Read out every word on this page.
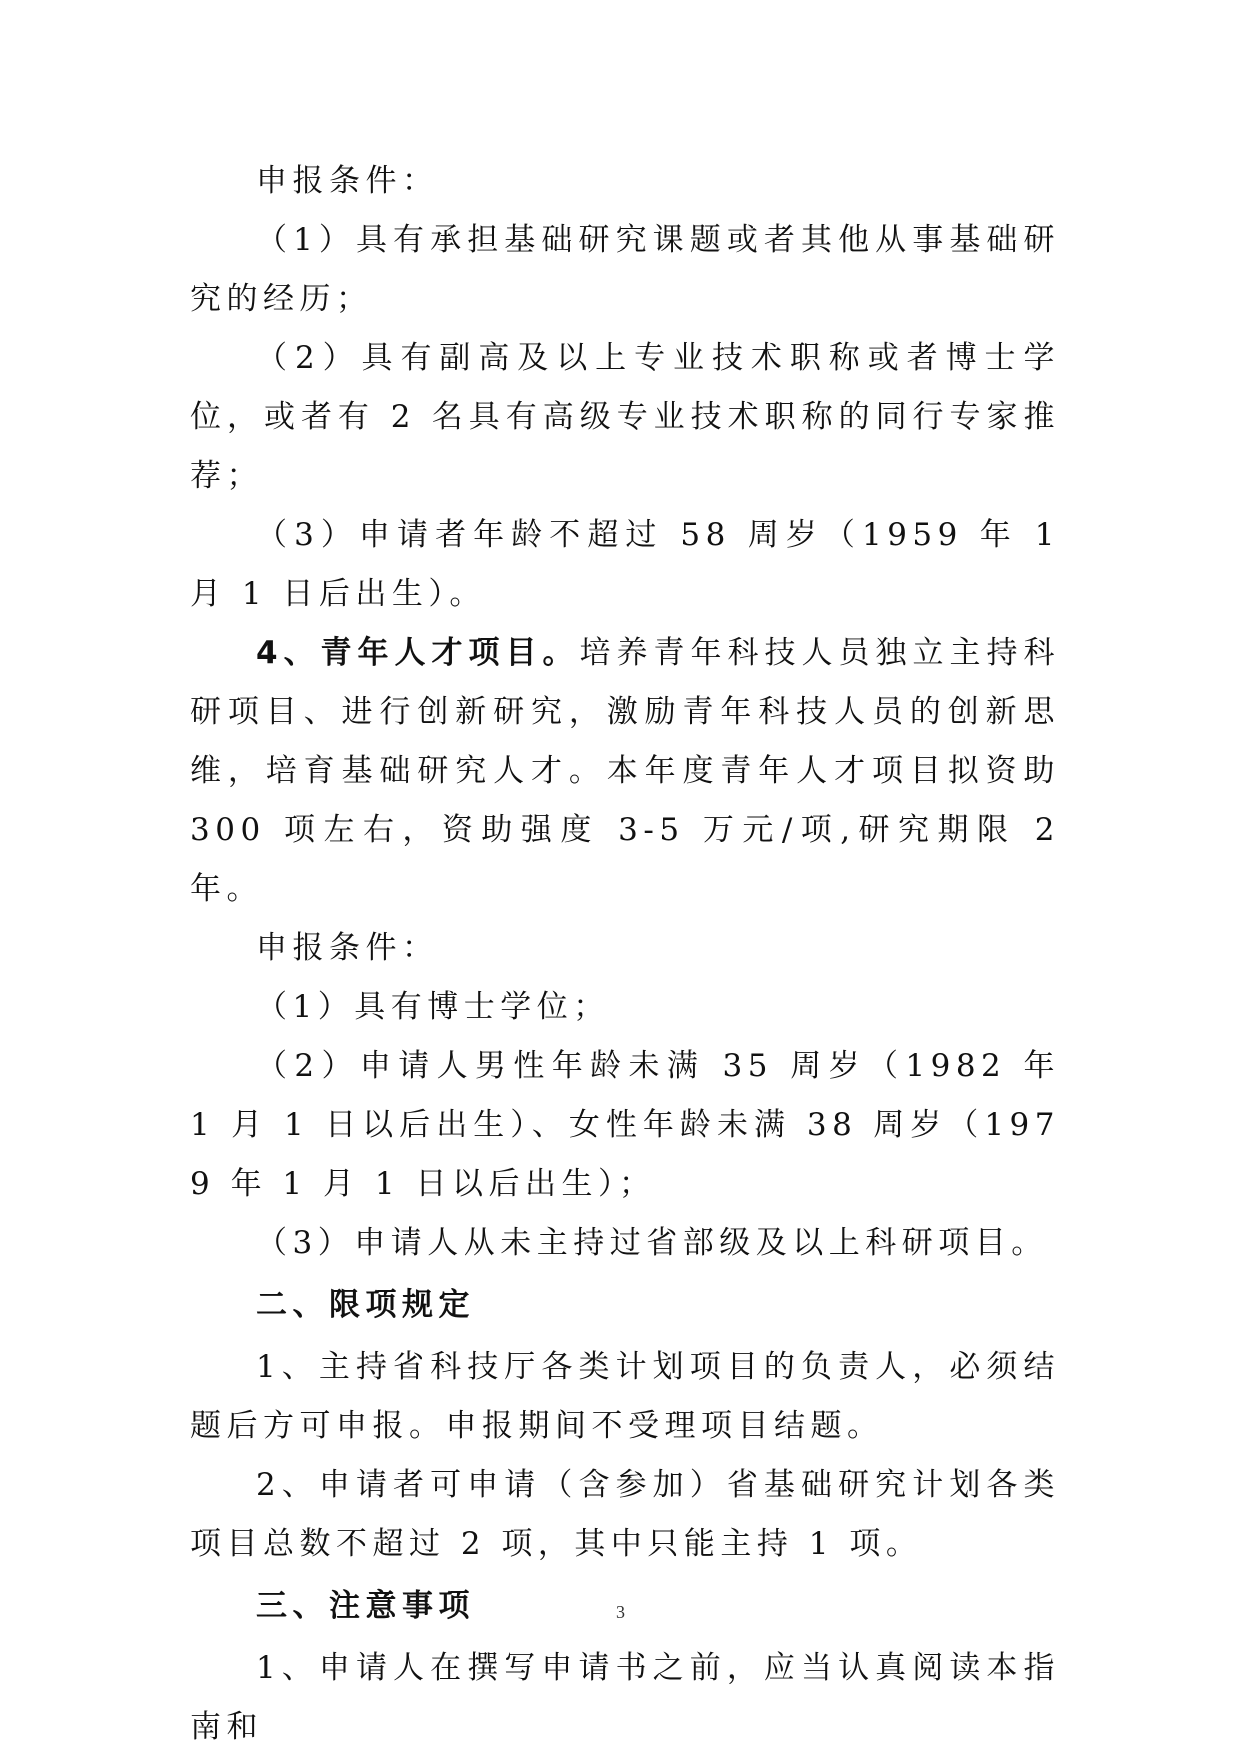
申报条件：

（1）具有承担基础研究课题或者其他从事基础研究的经历；

（2）具有副高及以上专业技术职称或者博士学位，或者有 2 名具有高级专业技术职称的同行专家推荐；

（3）申请者年龄不超过 58 周岁（1959 年 1 月 1 日后出生）。

4、青年人才项目。培养青年科技人员独立主持科研项目、进行创新研究，激励青年科技人员的创新思维，培育基础研究人才。本年度青年人才项目拟资助 300 项左右，资助强度 3-5 万元/项,研究期限 2 年。

申报条件：

（1）具有博士学位；

（2）申请人男性年龄未满 35 周岁（1982 年 1 月 1 日以后出生）、女性年龄未满 38 周岁（1979 年 1 月 1 日以后出生）；

（3）申请人从未主持过省部级及以上科研项目。

二、限项规定

1、主持省科技厅各类计划项目的负责人，必须结题后方可申报。申报期间不受理项目结题。

2、申请者可申请（含参加）省基础研究计划各类项目总数不超过 2 项，其中只能主持 1 项。

三、注意事项

1、申请人在撰写申请书之前，应当认真阅读本指南和

3
